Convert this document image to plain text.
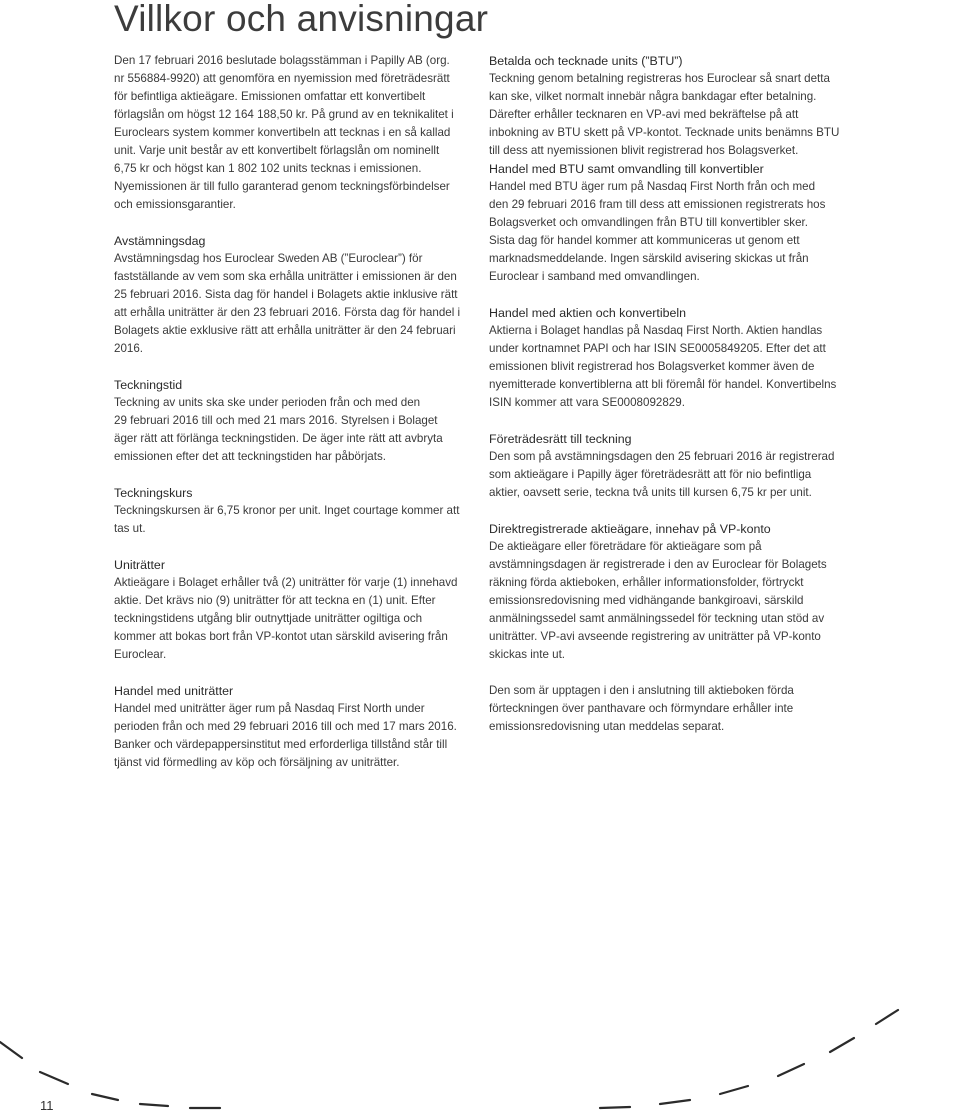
Villkor och anvisningar

Den 17 februari 2016 beslutade bolagsstämman i Papilly AB (org.
nr 556884-9920) att genomföra en nyemission med företrädesrätt
för befintliga aktieägare. Emissionen omfattar ett konvertibelt
förlagslån om högst 12 164 188,50 kr. På grund av en teknikalitet i
Euroclears system kommer konvertibeln att tecknas i en så kallad
unit. Varje unit består av ett konvertibelt förlagslån om nominellt
6,75 kr och högst kan 1 802 102 units tecknas i emissionen.
Nyemissionen är till fullo garanterad genom teckningsförbindelser
och emissionsgarantier.

Avstämningsdag

Avstämningsdag hos Euroclear Sweden AB (”Euroclear”) för
fastställande av vem som ska erhålla uniträtter i emissionen är den
25 februari 2016. Sista dag för handel i Bolagets aktie inklusive rätt
att erhålla uniträtter är den 23 februari 2016. Första dag för handel i
Bolagets aktie exklusive rätt att erhålla uniträtter är den 24 februari
2016.

Teckningstid

Teckning av units ska ske under perioden från och med den
29 februari 2016 till och med 21 mars 2016. Styrelsen i Bolaget
äger rätt att förlänga teckningstiden. De äger inte rätt att avbryta
emissionen efter det att teckningstiden har påbörjats.

Teckningskurs

Teckningskursen är 6,75 kronor per unit. Inget courtage kommer att
tas ut.

Uniträtter

Aktieägare i Bolaget erhåller två (2) uniträtter för varje (1) innehavd
aktie. Det krävs nio (9) uniträtter för att teckna en (1) unit. Efter
teckningstidens utgång blir outnyttjade uniträtter ogiltiga och
kommer att bokas bort från VP-kontot utan särskild avisering från
Euroclear.

Handel med uniträtter

Handel med uniträtter äger rum på Nasdaq First North under
perioden från och med 29 februari 2016 till och med 17 mars 2016.
Banker och värdepappersinstitut med erforderliga tillstånd står till
tjänst vid förmedling av köp och försäljning av uniträtter.

Betalda och tecknade units (”BTU”)

Teckning genom betalning registreras hos Euroclear så snart detta
kan ske, vilket normalt innebär några bankdagar efter betalning.
Därefter erhåller tecknaren en VP-avi med bekräftelse på att
inbokning av BTU skett på VP-kontot. Tecknade units benämns BTU
till dess att nyemissionen blivit registrerad hos Bolagsverket.

Handel med BTU samt omvandling till konvertibler

Handel med BTU äger rum på Nasdaq First North från och med
den 29 februari 2016 fram till dess att emissionen registrerats hos
Bolagsverket och omvandlingen från BTU till konvertibler sker.
Sista dag för handel kommer att kommuniceras ut genom ett
marknadsmeddelande. Ingen särskild avisering skickas ut från
Euroclear i samband med omvandlingen.

Handel med aktien och konvertibeln

Aktierna i Bolaget handlas på Nasdaq First North. Aktien handlas
under kortnamnet PAPI och har ISIN SE0005849205. Efter det att
emissionen blivit registrerad hos Bolagsverket kommer även de
nyemitterade konvertiblerna att bli föremål för handel. Konvertibelns
ISIN kommer att vara SE0008092829.

Företrädesrätt till teckning

Den som på avstämningsdagen den 25 februari 2016 är registrerad
som aktieägare i Papilly äger företrädesrätt att för nio befintliga
aktier, oavsett serie, teckna två units till kursen 6,75 kr per unit.

Direktregistrerade aktieägare, innehav på VP-konto

De aktieägare eller företrädare för aktieägare som på
avstämningsdagen är registrerade i den av Euroclear för Bolagets
räkning förda aktieboken, erhåller informationsfolder, förtryckt
emissionsredovisning med vidhängande bankgiroavi, särskild
anmälningssedel samt anmälningssedel för teckning utan stöd av
uniträtter. VP-avi avseende registrering av uniträtter på VP-konto
skickas inte ut.

Den som är upptagen i den i anslutning till aktieboken förda
förteckningen över panthavare och förmyndare erhåller inte
emissionsredovisning utan meddelas separat.

11
